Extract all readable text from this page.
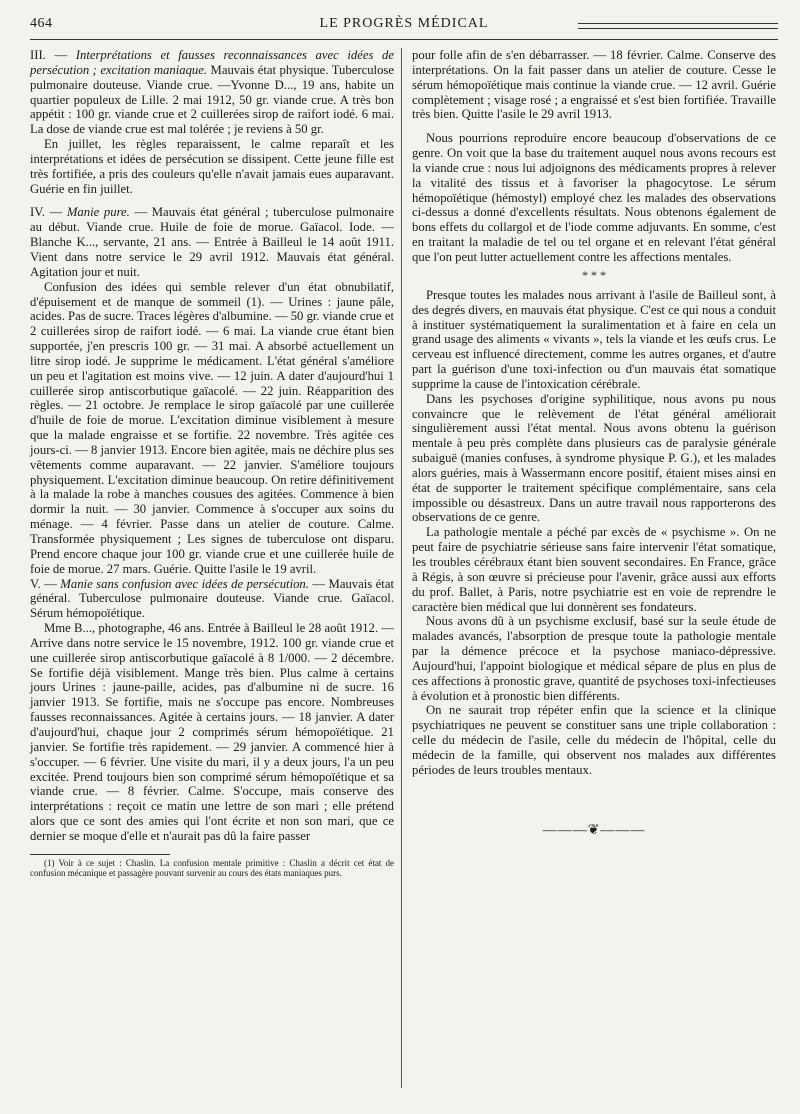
464	LE PROGRÈS MÉDICAL

III. — Interprétations et fausses reconnaissances avec idées de persécution ; excitation maniaque. Mauvais état physique. Tuberculose pulmonaire douteuse. Viande crue. —Yvonne D..., 19 ans, habite un quartier populeux de Lille. 2 mai 1912, 50 gr. viande crue. A très bon appétit : 100 gr. viande crue et 2 cuillerées sirop de raifort iodé. 6 mai. La dose de viande crue est mal tolérée ; je reviens à 50 gr.

En juillet, les règles reparaissent, le calme reparaît et les interprétations et idées de persécution se dissipent. Cette jeune fille est très fortifiée, a pris des couleurs qu'elle n'avait jamais eues auparavant. Guérie en fin juillet.

IV. — Manie pure. — Mauvais état général ; tuberculose pulmonaire au début. Viande crue. Huile de foie de morue. Gaïacol. Iode. — Blanche K..., servante, 21 ans. — Entrée à Bailleul le 14 août 1911. Vient dans notre service le 29 avril 1912. Mauvais état général. Agitation jour et nuit.

Confusion des idées qui semble relever d'un état obnubilatif, d'épuisement et de manque de sommeil (1). — Urines : jaune pâle, acides. Pas de sucre. Traces légères d'albumine. — 50 gr. viande crue et 2 cuillerées sirop de raifort iodé. — 6 mai. La viande crue étant bien supportée, j'en prescris 100 gr. — 31 mai. A absorbé actuellement un litre sirop iodé. Je supprime le médicament. L'état général s'améliore un peu et l'agitation est moins vive. — 12 juin. A dater d'aujourd'hui 1 cuillerée sirop antiscorbutique gaïacolé. — 22 juin. Réapparition des règles. — 21 octobre. Je remplace le sirop gaïacolé par une cuillerée d'huile de foie de morue. L'excitation diminue visiblement à mesure que la malade engraisse et se fortifie. 22 novembre. Très agitée ces jours-ci. — 8 janvier 1913. Encore bien agitée, mais ne déchire plus ses vêtements comme auparavant. — 22 janvier. S'améliore toujours physiquement. L'excitation diminue beaucoup. On retire définitivement à la malade la robe à manches cousues des agitées. Commence à bien dormir la nuit. — 30 janvier. Commence à s'occuper aux soins du ménage. — 4 février. Passe dans un atelier de couture. Calme. Transformée physiquement ; Les signes de tuberculose ont disparu. Prend encore chaque jour 100 gr. viande crue et une cuillerée huile de foie de morue. 27 mars. Guérie. Quitte l'asile le 19 avril.

V. — Manie sans confusion avec idées de persécution. — Mauvais état général. Tuberculose pulmonaire douteuse. Viande crue. Gaïacol. Sérum hémopoïétique.

Mme B..., photographe, 46 ans. Entrée à Bailleul le 28 août 1912. — Arrive dans notre service le 15 novembre, 1912. 100 gr. viande crue et une cuillerée sirop antiscorbutique gaïacolé à 8 1/000. — 2 décembre. Se fortifie déjà visiblement. Mange très bien. Plus calme à certains jours Urines : jaune-paille, acides, pas d'albumine ni de sucre. 16 janvier 1913. Se fortifie, mais ne s'occupe pas encore. Nombreuses fausses reconnaissances. Agitée à certains jours. — 18 janvier. A dater d'aujourd'hui, chaque jour 2 comprimés sérum hémopoïétique. 21 janvier. Se fortifie très rapidement. — 29 janvier. A commencé hier à s'occuper. — 6 février. Une visite du mari, il y a deux jours, l'a un peu excitée. Prend toujours bien son comprimé sérum hémopoïétique et sa viande crue. — 8 février. Calme. S'occupe, mais conserve des interprétations : reçoit ce matin une lettre de son mari ; elle prétend alors que ce sont des amies qui l'ont écrite et non son mari, que ce dernier se moque d'elle et n'aurait pas dû la faire passer

(1) Voir à ce sujet : Chaslin. La confusion mentale primitive : Chaslin a décrit cet état de confusion mécanique et passagère pouvant survenir au cours des états maniaques purs.

pour folle afin de s'en débarrasser. — 18 février. Calme. Conserve des interprétations. On la fait passer dans un atelier de couture. Cesse le sérum hémopoïétique mais continue la viande crue. — 12 avril. Guérie complètement ; visage rosé ; a engraissé et s'est bien fortifiée. Travaille très bien. Quitte l'asile le 29 avril 1913.

Nous pourrions reproduire encore beaucoup d'observations de ce genre. On voit que la base du traitement auquel nous avons recours est la viande crue : nous lui adjoignons des médicaments propres à relever la vitalité des tissus et à favoriser la phagocytose. Le sérum hémopoïétique (hémostyl) employé chez les malades des observations ci-dessus a donné d'excellents résultats. Nous obtenons également de bons effets du collargol et de l'iode comme adjuvants. En somme, c'est en traitant la maladie de tel ou tel organe et en relevant l'état général que l'on peut lutter actuellement contre les affections mentales.

* * *

Presque toutes les malades nous arrivant à l'asile de Bailleul sont, à des degrés divers, en mauvais état physique. C'est ce qui nous a conduit à instituer systématiquement la suralimentation et à faire en cela un grand usage des aliments « vivants », tels la viande et les œufs crus. Le cerveau est influencé directement, comme les autres organes, et d'autre part la guérison d'une toxi-infection ou d'un mauvais état somatique supprime la cause de l'intoxication cérébrale.

Dans les psychoses d'origine syphilitique, nous avons pu nous convaincre que le relèvement de l'état général améliorait singulièrement aussi l'état mental. Nous avons obtenu la guérison mentale à peu près complète dans plusieurs cas de paralysie générale subaiguë (manies confuses, à syndrome physique P. G.), et les malades alors guéries, mais à Wassermann encore positif, étaient mises ainsi en état de supporter le traitement spécifique complémentaire, sans cela impossible ou désastreux. Dans un autre travail nous rapporterons des observations de ce genre.

La pathologie mentale a péché par excès de « psychisme ». On ne peut faire de psychiatrie sérieuse sans faire intervenir l'état somatique, les troubles cérébraux étant bien souvent secondaires. En France, grâce à Régis, à son œuvre si précieuse pour l'avenir, grâce aussi aux efforts du prof. Ballet, à Paris, notre psychiatrie est en voie de reprendre le caractère bien médical que lui donnèrent ses fondateurs.

Nous avons dû à un psychisme exclusif, basé sur la seule étude de malades avancés, l'absorption de presque toute la pathologie mentale par la démence précoce et la psychose maniaco-dépressive. Aujourd'hui, l'appoint biologique et médical sépare de plus en plus de ces affections à pronostic grave, quantité de psychoses toxi-infectieuses à évolution et à pronostic bien différents.

On ne saurait trop répéter enfin que la science et la clinique psychiatriques ne peuvent se constituer sans une triple collaboration : celle du médecin de l'asile, celle du médecin de l'hôpital, celle du médecin de la famille, qui observent nos malades aux différentes périodes de leurs troubles mentaux.

———❦———
